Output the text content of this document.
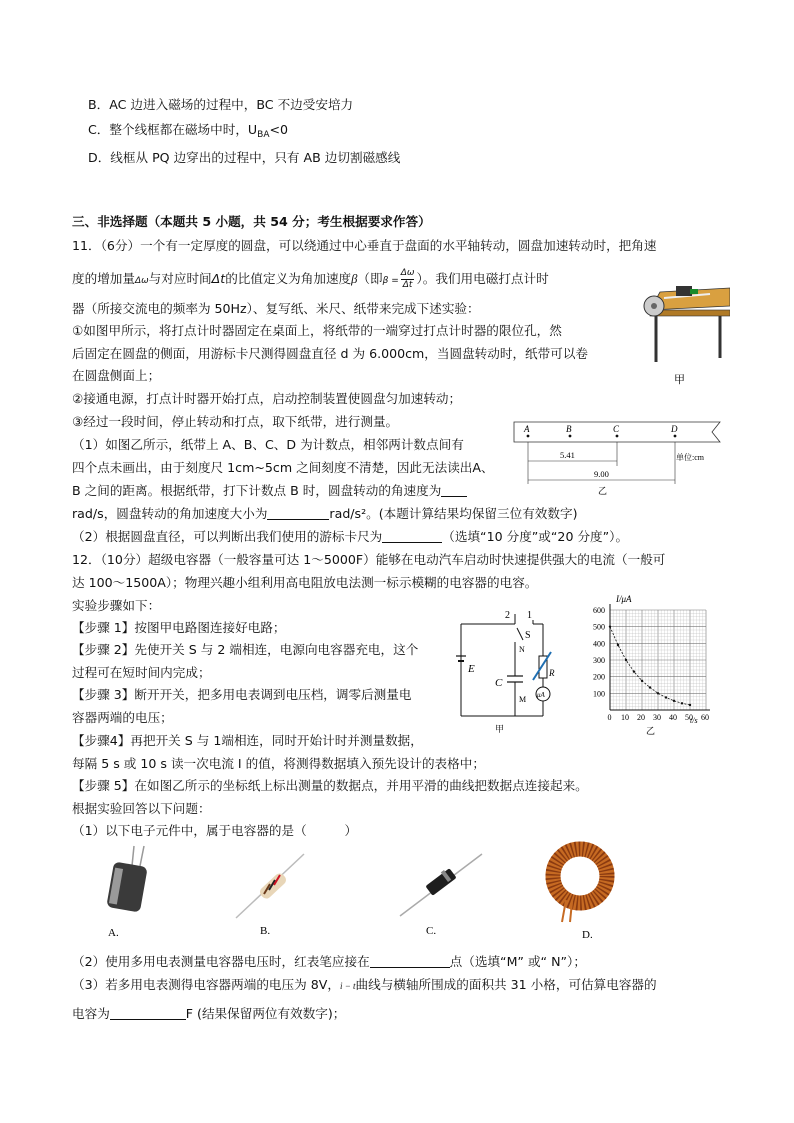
B．AC 边进入磁场的过程中，BC 不边受安培力
C．整个线框都在磁场中时，$U_{BA}<0$
D．线框从 PQ 边穿出的过程中，只有 AB 边切割磁感线
三、非选择题（本题共 5 小题，共 54 分；考生根据要求作答）
11．（6分）一个有一定厚度的圆盘，可以绕通过中心垂直于盘面的水平轴转动，圆盘加速转动时，把角速
度的增加量Δω与对应时间Δt的比值定义为角加速度β（即$\beta = \frac{\Delta\omega}{\Delta t}$ ）。我们用电磁打点计时
器（所接交流电的频率为 50Hz）、复写纸、米尺、纸带来完成下述实验：
①如图甲所示，将打点计时器固定在桌面上，将纸带的一端穿过打点计时器的限位孔，然
后固定在圆盘的侧面，用游标卡尺测得圆盘直径 d 为 6.000cm，当圆盘转动时，纸带可以卷
在圆盘侧面上；
②接通电源，打点计时器开始打点，启动控制装置使圆盘匀加速转动；
③经过一段时间，停止转动和打点，取下纸带，进行测量。
（1）如图乙所示，纸带上 A、B、C、D 为计数点，相邻两计数点间有
四个点未画出，由于刻度尺 1cm~5cm 之间刻度不清楚，因此无法读出A、
B 之间的距离。根据纸带，打下计数点 B 时，圆盘转动的角速度为
rad/s，圆盘转动的角加速度大小为	rad/s²。(本题计算结果均保留三位有效数字)
（2）根据圆盘直径，可以判断出我们使用的游标卡尺为	（选填“10 分度”或“20 分度”）。
甲
A	B	C	D
5.41
9.00
单位:cm
乙
12．（10分）超级电容器（一般容量可达 1～5000F）能够在电动汽车启动时快速提供强大的电流（一般可
达 100～1500A）；物理兴趣小组利用高电阻放电法测一标示模糊的电容器的电容。
实验步骤如下：
【步骤 1】按图甲电路图连接好电路；
【步骤 2】先使开关 S 与 2 端相连，电源向电容器充电，这个
过程可在短时间内完成；
【步骤 3】断开开关，把多用电表调到电压档，调零后测量电
容器两端的电压；
【步骤4】再把开关 S 与 1端相连，同时开始计时并测量数据，
每隔 5 s 或 10 s 读一次电流 I 的值，将测得数据填入预先设计的表格中；
【步骤 5】在如图乙所示的坐标纸上标出测量的数据点，并用平滑的曲线把数据点连接起来。
根据实验回答以下问题：
（1）以下电子元件中，属于电容器的是（　　　）
E
2 1
S
N
C
M
R
μA
甲
0 10 20 30 40 50 60
100
200
300
400
500
600
I/μA
t/s
乙
A.	B.	C.	D.
（2）使用多用电表测量电容器电压时，红表笔应接在	点（选填“M” 或“ N”）；
（3）若多用电表测得电容器两端的电压为 8V，i − t曲线与横轴所围成的面积共 31 小格，可估算电容器的
电容为	F (结果保留两位有效数字)；
